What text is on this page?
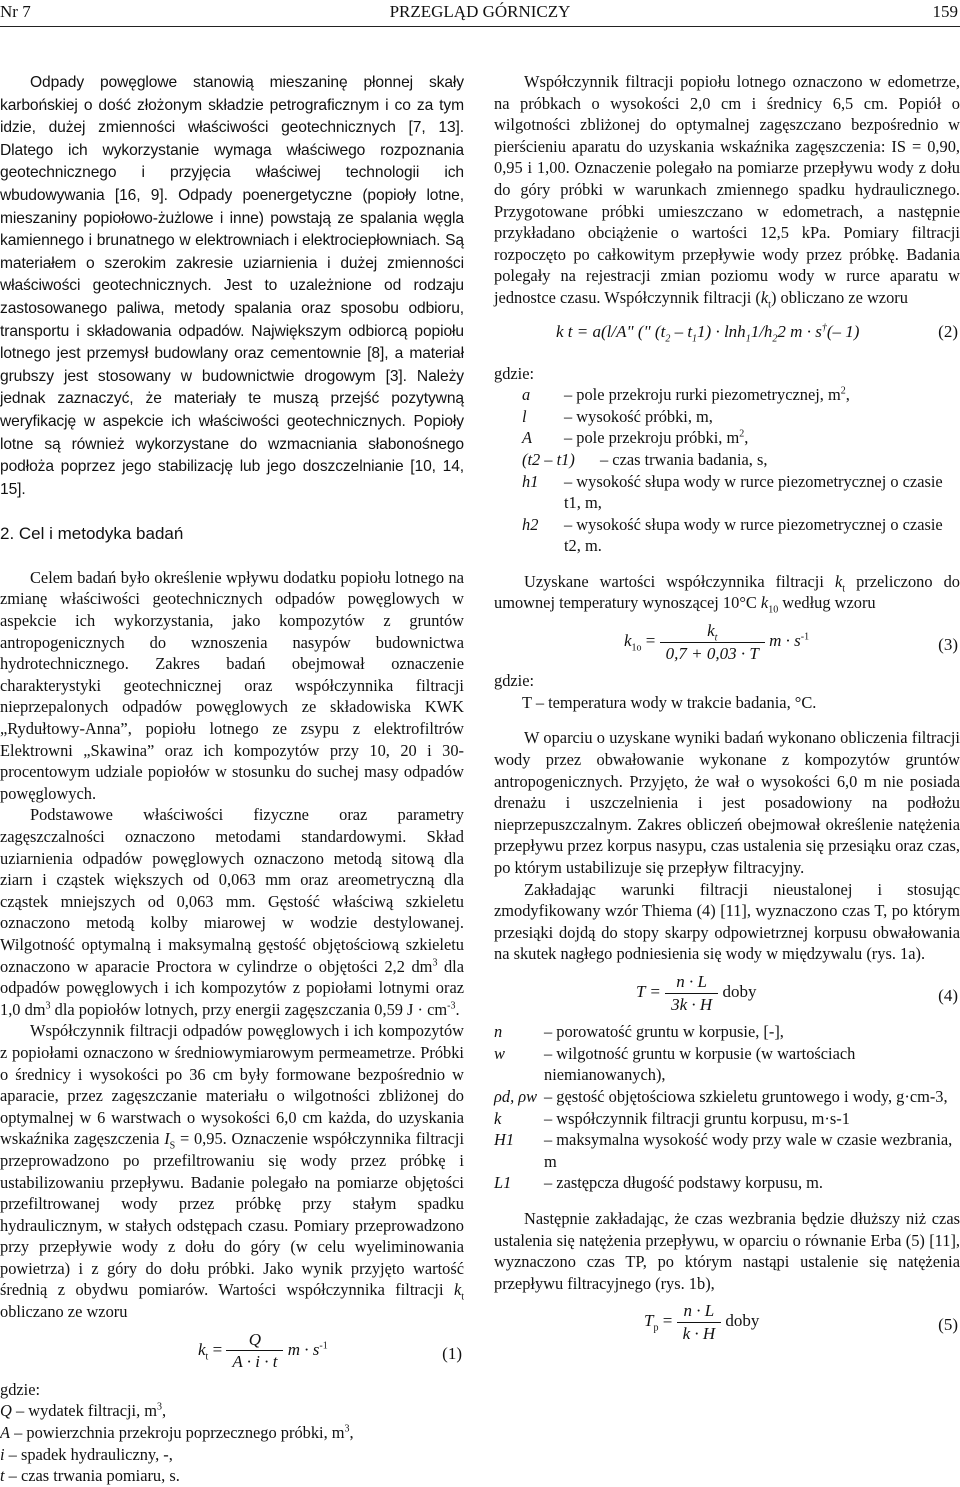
Nr 7	PRZEGLĄD GÓRNICZY	159

Odpady powęglowe stanowią mieszaninę płonnej skały karbońskiej o dość złożonym składzie petrograficznym i co za tym idzie, dużej zmienności właściwości geotechnicznych [7, 13]. Dlatego ich wykorzystanie wymaga właściwego rozpoznania geotechnicznego i przyjęcia właściwej technologii ich wbudowywania [16, 9]. Odpady poenergetyczne (popioły lotne, mieszaniny popiołowo-żużlowe i inne) powstają ze spalania węgla kamiennego i brunatnego w elektrowniach i elektrociepłowniach. Są materiałem o szerokim zakresie uziarnienia i dużej zmienności właściwości geotechnicznych. Jest to uzależnione od rodzaju zastosowanego paliwa, metody spalania oraz sposobu odbioru, transportu i składowania odpadów. Największym odbiorcą popiołu lotnego jest przemysł budowlany oraz cementownie [8], a materiał grubszy jest stosowany w budownictwie drogowym [3]. Należy jednak zaznaczyć, że materiały te muszą przejść pozytywną weryfikację w aspekcie ich właściwości geotechnicznych. Popioły lotne są również wykorzystane do wzmacniania słabonośnego podłoża poprzez jego stabilizację lub jego doszczelnianie [10, 14, 15].

2. Cel i metodyka badań

Celem badań było określenie wpływu dodatku popiołu lotnego na zmianę właściwości geotechnicznych odpadów powęglowych w aspekcie ich wykorzystania, jako kompozytów z gruntów antropogenicznych do wznoszenia nasypów budownictwa hydrotechnicznego. Zakres badań obejmował oznaczenie charakterystyki geotechnicznej oraz współczynnika filtracji nieprzepalonych odpadów powęglowych ze składowiska KWK „Rydułtowy-Anna”, popiołu lotnego ze zsypu z elektrofiltrów Elektrowni „Skawina” oraz ich kompozytów przy 10, 20 i 30-procentowym udziale popiołów w stosunku do suchej masy odpadów powęglowych.

Podstawowe właściwości fizyczne oraz parametry zagęszczalności oznaczono metodami standardowymi. Skład uziarnienia odpadów powęglowych oznaczono metodą sitową dla ziarn i cząstek większych od 0,063 mm oraz areometryczną dla cząstek mniejszych od 0,063 mm. Gęstość właściwą szkieletu oznaczono metodą kolby miarowej w wodzie destylowanej. Wilgotność optymalną i maksymalną gęstość objętościową szkieletu oznaczono w aparacie Proctora w cylindrze o objętości 2,2 $dm^3$ dla odpadów powęglowych i ich kompozytów z popiołami lotnymi oraz 1,0 $dm^3$ dla popiołów lotnych, przy energii zagęszczania 0,59 $J \cdot cm^{-3}$.

Współczynnik filtracji odpadów powęglowych i ich kompozytów z popiołami oznaczono w średniowymiarowym permeametrze. Próbki o średnicy i wysokości po 36 cm były formowane bezpośrednio w aparacie, przez zagęszczanie materiału o wilgotności zbliżonej do optymalnej w 6 warstwach o wysokości 6,0 cm każda, do uzyskania wskaźnika zagęszczenia $I_S = 0,95$. Oznaczenie współczynnika filtracji przeprowadzono po przefiltrowaniu się wody przez próbkę i ustabilizowaniu przepływu. Badanie polegało na pomiarze objętości przefiltrowanej wody przez próbkę przy stałym spadku hydraulicznym, w stałych odstępach czasu. Pomiary przeprowadzono przy przepływie wody z dołu do góry (w celu wyeliminowania powietrza) i z góry do dołu próbki. Jako wynik przyjęto wartość średnią z obydwu pomiarów. Wartości współczynnika filtracji $k_t$ obliczano ze wzoru

$k_t = \frac{Q}{A \cdot i \cdot t}$ $m \cdot s^{-1}$	(1)
gdzie:
Q – wydatek filtracji, $m^3$,
A – powierzchnia przekroju poprzecznego próbki, $m^3$,
i – spadek hydrauliczny, -,
t – czas trwania pomiaru, s.

Współczynnik filtracji popiołu lotnego oznaczono w edometrze, na próbkach o wysokości 2,0 cm i średnicy 6,5 cm. Popiół o wilgotności zbliżonej do optymalnej zagęszczano bezpośrednio w pierścieniu aparatu do uzyskania wskaźnika zagęszczenia: IS = 0,90, 0,95 i 1,00. Oznaczenie polegało na pomiarze przepływu wody z dołu do góry próbki w warunkach zmiennego spadku hydraulicznego. Przygotowane próbki umieszczano w edometrach, a następnie przykładano obciążenie o wartości 12,5 kPa. Pomiary filtracji rozpoczęto po całkowitym przepływie wody przez próbkę. Badania polegały na rejestracji zmian poziomu wody w rurce aparatu w jednostce czasu. Współczynnik filtracji $(k_t)$ obliczano ze wzoru

k t = a(l/A" (" $(t_2 - t_11) \cdot \ln h_11/h_22$ m · s†(– 1)	(2)
gdzie:
a	– pole przekroju rurki piezometrycznej, $m^2$,
l	– wysokość próbki, m,
A	– pole przekroju próbki, $m^2$,
(t2 – t1)	– czas trwania badania, s,
h1	– wysokość słupa wody w rurce piezometrycznej o czasie t1, m,
h2	– wysokość słupa wody w rurce piezometrycznej o czasie t2, m.

Uzyskane wartości współczynnika filtracji $k_t$ przeliczono do umownej temperatury wynoszącej 10°C $k_{10}$ według wzoru

$k_{1o} = \frac{k_t}{0,7 + 0,03 \cdot T}$ $m \cdot s^{-1}$	(3)
gdzie:
T – temperatura wody w trakcie badania, °C.

W oparciu o uzyskane wyniki badań wykonano obliczenia filtracji wody przez obwałowanie wykonane z kompozytów gruntów antropogenicznych. Przyjęto, że wał o wysokości 6,0 m nie posiada drenażu i uszczelnienia i jest posadowiony na podłożu nieprzepuszczalnym. Zakres obliczeń obejmował określenie natężenia przepływu przez korpus nasypu, czas ustalenia się przesiąku oraz czas, po którym ustabilizuje się przepływ filtracyjny.

Zakładając warunki filtracji nieustalonej i stosując zmodyfikowany wzór Thiema (4) [11], wyznaczono czas T, po którym przesiąki dojdą do stopy skarpy odpowietrznej korpusu obwałowania na skutek nagłego podniesienia się wody w międzywalu (rys. 1a).

$T = \frac{n \cdot L}{3k \cdot H}$ doby	(4)
n	– porowatość gruntu w korpusie, [-],
w	– wilgotność gruntu w korpusie (w wartościach niemianowanych),
ρd, ρw – gęstość objętościowa szkieletu gruntowego i wody, g·cm-3,
k	– współczynnik filtracji gruntu korpusu, m·s-1
H1	– maksymalna wysokość wody przy wale w czasie wezbrania, m
L1	– zastępcza długość podstawy korpusu, m.

Następnie zakładając, że czas wezbrania będzie dłuższy niż czas ustalenia się natężenia przepływu, w oparciu o równanie Erba (5) [11], wyznaczono czas TP, po którym nastąpi ustalenie się natężenia przepływu filtracyjnego (rys. 1b),

$T_p = \frac{n \cdot L}{k \cdot H}$ doby	(5)
